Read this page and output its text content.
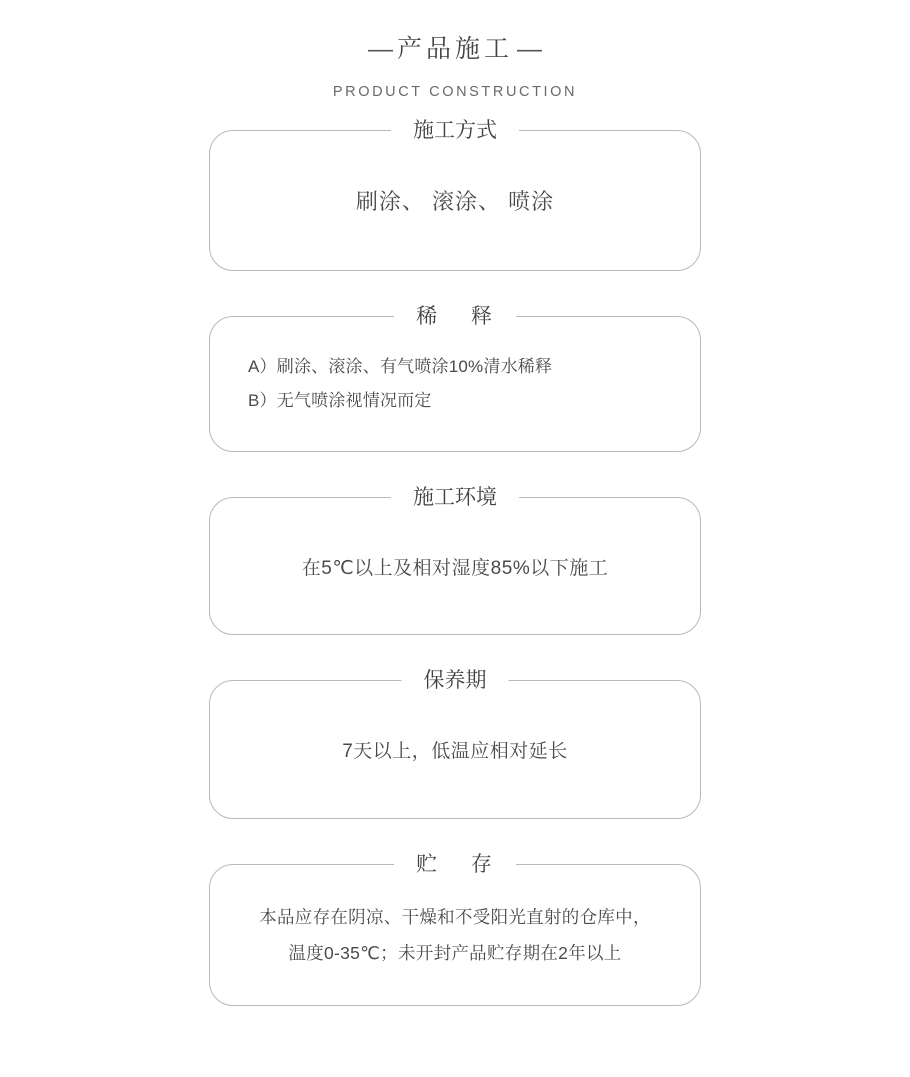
— 产品施工 —
PRODUCT CONSTRUCTION
施工方式
刷涂、 滚涂、 喷涂
稀 释
A）刷涂、滚涂、有气喷涂10%清水稀释
B）无气喷涂视情况而定
施工环境
在5℃以上及相对湿度85%以下施工
保养期
7天以上，低温应相对延长
贮 存
本品应存在阴凉、干燥和不受阳光直射的仓库中，
温度0-35℃；未开封产品贮存期在2年以上
